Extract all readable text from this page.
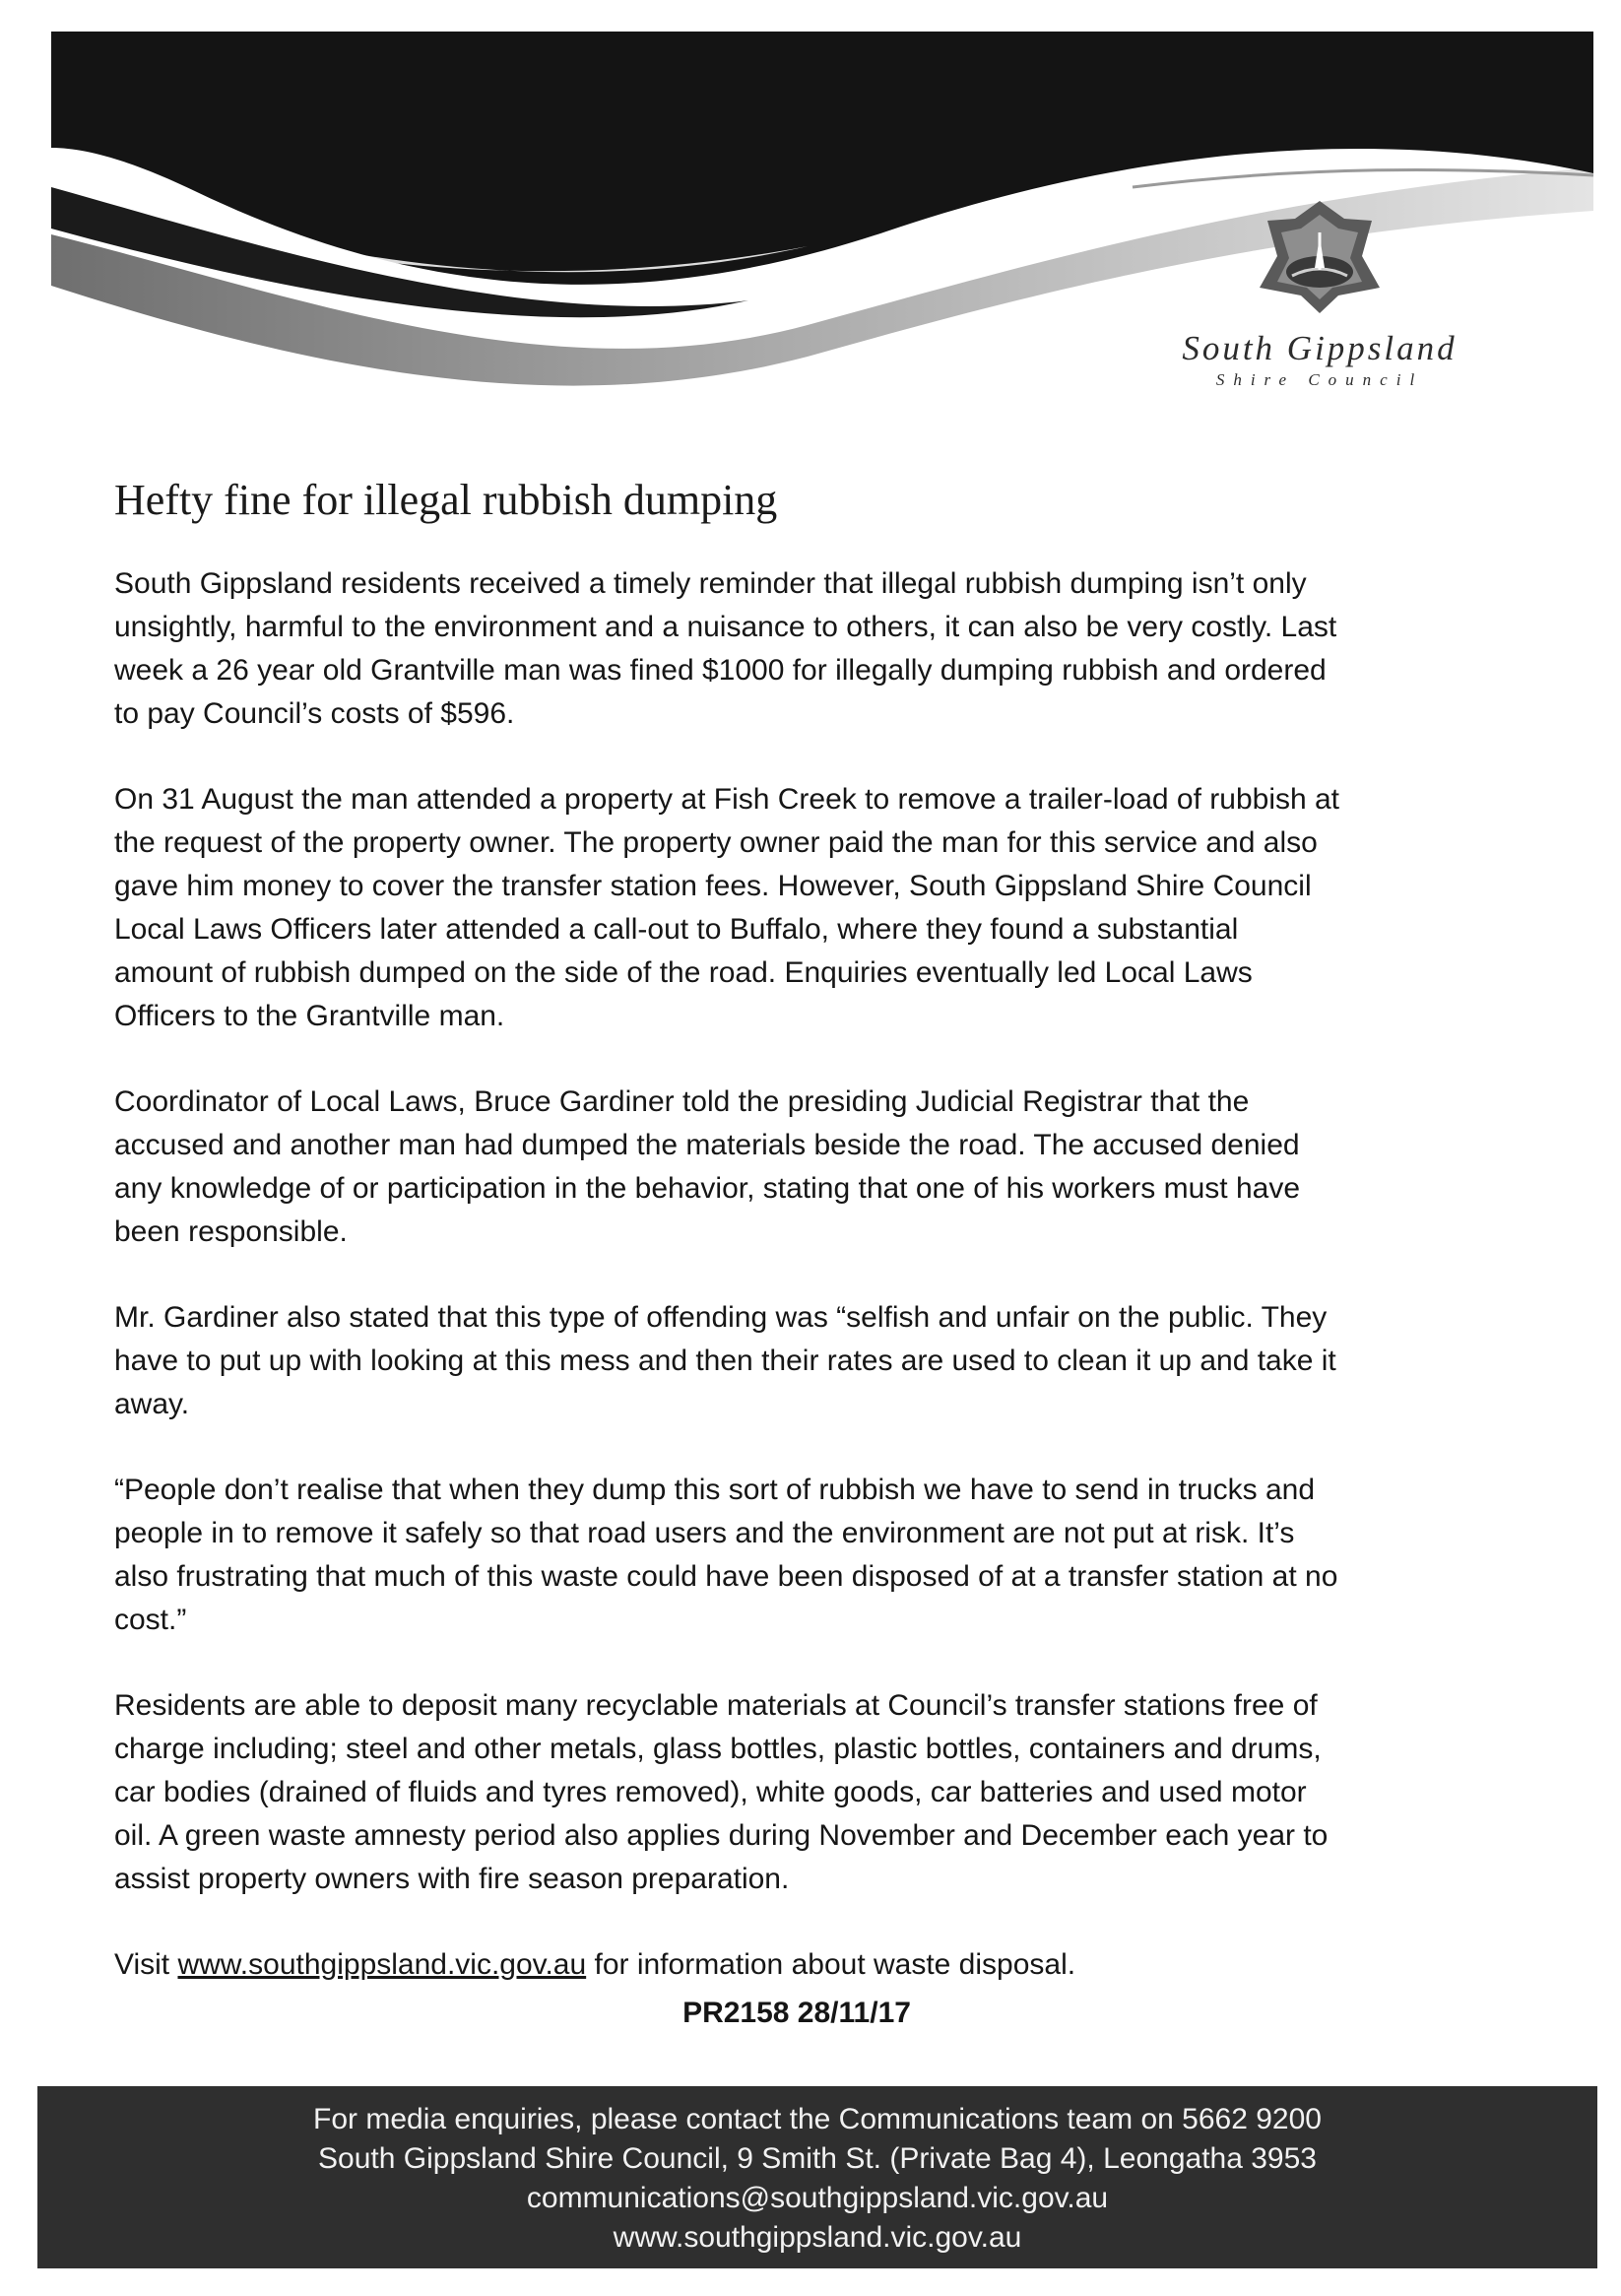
South Gippsland
Shire Council
Hefty fine for illegal rubbish dumping

South Gippsland residents received a timely reminder that illegal rubbish dumping isn’t only
unsightly, harmful to the environment and a nuisance to others, it can also be very costly. Last
week a 26 year old Grantville man was fined $1000 for illegally dumping rubbish and ordered
to pay Council’s costs of $596.

On 31 August the man attended a property at Fish Creek to remove a trailer-load of rubbish at
the request of the property owner. The property owner paid the man for this service and also
gave him money to cover the transfer station fees. However, South Gippsland Shire Council
Local Laws Officers later attended a call-out to Buffalo, where they found a substantial
amount of rubbish dumped on the side of the road. Enquiries eventually led Local Laws
Officers to the Grantville man.

Coordinator of Local Laws, Bruce Gardiner told the presiding Judicial Registrar that the
accused and another man had dumped the materials beside the road. The accused denied
any knowledge of or participation in the behavior, stating that one of his workers must have
been responsible.

Mr. Gardiner also stated that this type of offending was “selfish and unfair on the public. They
have to put up with looking at this mess and then their rates are used to clean it up and take it
away.

“People don’t realise that when they dump this sort of rubbish we have to send in trucks and
people in to remove it safely so that road users and the environment are not put at risk. It’s
also frustrating that much of this waste could have been disposed of at a transfer station at no
cost.”

Residents are able to deposit many recyclable materials at Council’s transfer stations free of
charge including; steel and other metals, glass bottles, plastic bottles, containers and drums,
car bodies (drained of fluids and tyres removed), white goods, car batteries and used motor
oil. A green waste amnesty period also applies during November and December each year to
assist property owners with fire season preparation.

Visit www.southgippsland.vic.gov.au for information about waste disposal.

PR2158 28/11/17
For media enquiries, please contact the Communications team on 5662 9200
South Gippsland Shire Council, 9 Smith St. (Private Bag 4), Leongatha 3953
communications@southgippsland.vic.gov.au
www.southgippsland.vic.gov.au
